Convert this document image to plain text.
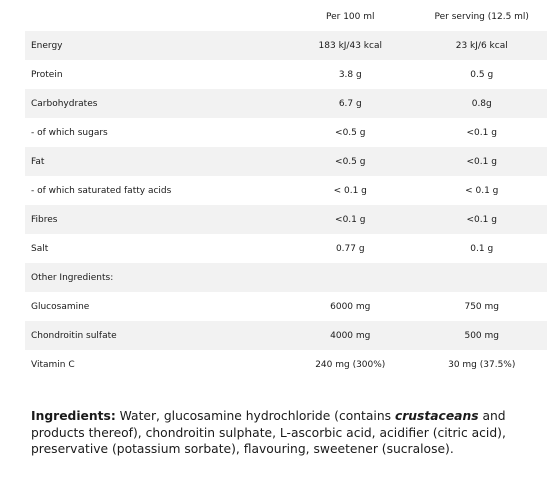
	Per 100 ml	Per serving (12.5 ml)
Energy	183 kJ/43 kcal	23 kJ/6 kcal
Protein	3.8 g	0.5 g
Carbohydrates	6.7 g	0.8g
- of which sugars	<0.5 g	<0.1 g
Fat	<0.5 g	<0.1 g
- of which saturated fatty acids	< 0.1 g	< 0.1 g
Fibres	<0.1 g	<0.1 g
Salt	0.77 g	0.1 g
Other Ingredients:		
Glucosamine	6000 mg	750 mg
Chondroitin sulfate	4000 mg	500 mg
Vitamin C	240 mg (300%)	30 mg (37.5%)

Ingredients: Water, glucosamine hydrochloride (contains crustaceans and products thereof), chondroitin sulphate, L-ascorbic acid, acidifier (citric acid), preservative (potassium sorbate), flavouring, sweetener (sucralose).
